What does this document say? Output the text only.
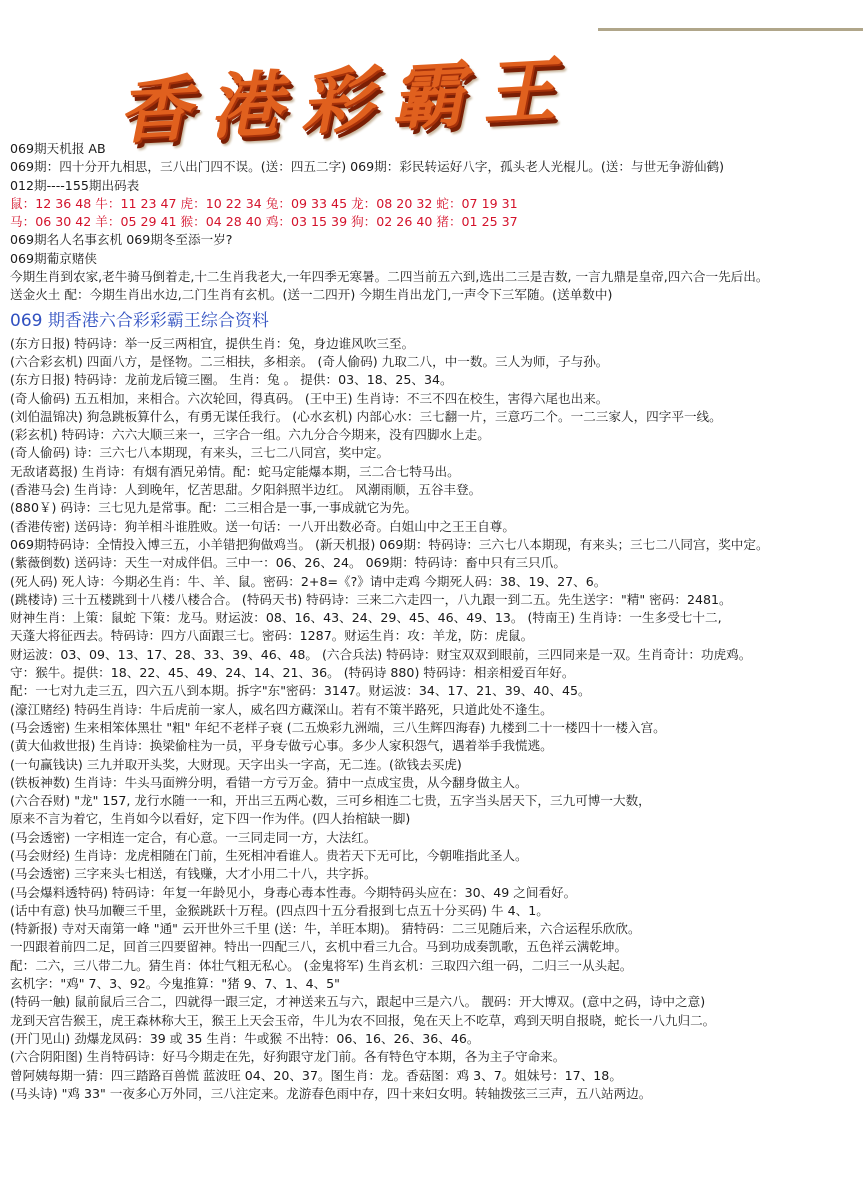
香港彩霸王
069期天机报 AB
069期：四十分开九相思，三八出门四不误。(送：四五二字) 069期：彩民转运好八字，孤头老人光棍儿。(送：与世无争游仙鹤)
012期----155期出码表
鼠：12 36 48 牛：11 23 47 虎：10 22 34 兔：09 33 45 龙：08 20 32 蛇：07 19 31
马：06 30 42 羊：05 29 41 猴：04 28 40 鸡：03 15 39 狗：02 26 40 猪：01 25 37
069期名人名事玄机 069期冬至添一岁?
069期葡京赌侠
今期生肖到农家,老牛骑马倒着走,十二生肖我老大,一年四季无寒暑。二四当前五六到,选出二三是吉数, 一言九鼎是皇帝,四六合一先后出。
送金火土 配：今期生肖出水边,二门生肖有玄机。(送一二四开) 今期生肖出龙门,一声令下三军随。(送单数中)
069 期香港六合彩彩霸王综合资料
(东方日报) 特码诗：举一反三两相宜，提供生肖：兔，身边谁风吹三至。
(六合彩玄机) 四面八方，是怪物。二三相扶，多相亲。 (奇人偷码) 九取二八，中一数。三人为师，子与孙。
(东方日报) 特码诗：龙前龙后镜三圈。 生肖：兔 。 提供：03、18、25、34。
(奇人偷码) 五五相加，来相合。六次轮回，得真码。 (王中王) 生肖诗：不三不四在校生，害得六尾也出来。
(刘伯温锦决) 狗急跳板算什么，有勇无谋任我行。 (心水玄机) 内部心水：三七翻一片，三意巧二个。一二三家人，四字平一线。
(彩玄机) 特码诗：六六大顺三来一，三字合一组。六九分合今期来，没有四脚水上走。
(奇人偷码) 诗：三六七八本期现，有来头，三七二八同宫，奖中定。
无敌诸葛报) 生肖诗：有烟有酒兄弟情。配：蛇马定能爆本期，三二合七特马出。
(香港马会) 生肖诗：人到晚年，忆苦思甜。夕阳斜照半边红。 风潮雨顺，五谷丰登。
(880￥) 码诗：三七见九是常事。配：二三相合是一事,一事成就它为先。
(香港传密) 送码诗：狗羊相斗谁胜败。送一句话：一八开出数必奇。白姐山中之王王自尊。
069期特码诗：全情投入博三五，小羊错把狗做鸡当。 (新天机报) 069期：特码诗：三六七八本期现，有来头；三七二八同宫，奖中定。
(紫薇倒数) 送码诗：天生一对成伴侣。三中一：06、26、24。 069期：特码诗：畜中只有三只爪。
(死人码) 死人诗：今期必生肖：牛、羊、鼠。密码：2+8=《?》请中走鸡 今期死人码：38、19、27、6。
(跳楼诗) 三十五楼跳到十八楼八楼合合。 (特码天书) 特码诗：三来二六走四一，八九跟一到二五。先生送字："精" 密码：2481。
财神生肖：上策：鼠蛇 下策：龙马。财运波：08、16、43、24、29、45、46、49、13。 (特南王) 生肖诗：一生多受七十二,
天蓬大将征西去。特码诗：四方八面跟三七。密码：1287。财运生肖：攻：羊龙，防：虎鼠。
财运波：03、09、13、17、28、33、39、46、48。 (六合兵法) 特码诗：财宝双双到眼前，三四同来是一双。生肖奇计：功虎鸡。
守：猴牛。提供：18、22、45、49、24、14、21、36。 (特码诗 880) 特码诗：相亲相爱百年好。
配：一七对九走三五，四六五八到本期。拆字"东"密码：3147。财运波：34、17、21、39、40、45。
(濠江赌经) 特码生肖诗：牛后虎前一家人，威名四方藏深山。若有不策半路死，只道此处不逢生。
(马会透密) 生来相笨体黑壮 "粗" 年纪不老样子衰 (二五焕彩九洲端，三八生辉四海春) 九楼到二十一楼四十一楼入宫。
(黄大仙救世报) 生肖诗：换梁偷柱为一员，平身专做亏心事。多少人家积怨气，遇着举手我慌逃。
(一句赢钱诀) 三九并取开头奖，大财现。天字出头一字高，无二连。(欲钱去买虎)
(铁板神数) 生肖诗：牛头马面辨分明，看错一方亏万金。猜中一点成宝贵，从今翻身做主人。
(六合吞财) "龙" 157, 龙行水随一一和，开出三五两心数，三可乡相连二七贵，五字当头居天下，三九可博一大数，
原来不言为着它，生肖如今以看好，定下四一作为伴。(四人抬棺缺一脚)
(马会透密) 一字相连一定合，有心意。一三同走同一方，大法红。
(马会财经) 生肖诗：龙虎相随在门前，生死相冲看谁人。贵若天下无可比，今朝唯指此圣人。
(马会透密) 三字来头七相送，有钱赚，大才小用二十八，共字拆。
(马会爆料透特码) 特码诗：年复一年龄见小，身毒心毒本性毒。今期特码头应在：30、49 之间看好。
(话中有意) 快马加鞭三千里，金猴跳跃十万程。(四点四十五分看报到七点五十分买码) 牛 4、1。
(特新报) 寺对天南第一峰 "通" 云开世外三千里 (送：牛，羊旺本期)。 猜特码：二三见随后来，六合运程乐欣欣。
一四跟着前四二足，回首三四要留神。特出一四配三八，玄机中看三九合。马到功成奏凯歌，五色祥云满乾坤。
配：二六，三八带二九。猜生肖：体壮气粗无私心。 (金鬼将军) 生肖玄机：三取四六组一码，二归三一从头起。
玄机字："鸡" 7、3、92。今鬼推算："猪 9、7、1、4、5"
(特码一触) 鼠前鼠后三合二，四就得一跟三定，才神送来五与六，跟起中三是六八。 靓码：开大博双。(意中之码，诗中之意)
龙到天宫告猴王，虎王森林称大王，猴王上天会玉帝，牛儿为农不回报，兔在天上不吃草，鸡到天明自报晓，蛇长一八九归二。
(开门见山) 劲爆龙凤码：39 或 35 生肖：牛或猴 不出特：06、16、26、36、46。
(六合阴阳图) 生肖特码诗：好马今期走在先，好狗跟守龙门前。各有特色守本期，各为主子守命来。
曾阿姨每期一猜：四三踏路百兽慌 蓝波旺 04、20、37。图生肖：龙。香菇图：鸡 3、7。姐妹号：17、18。
(马头诗) "鸡 33" 一夜多心万外同，三八注定来。龙游春色雨中存，四十来妇女明。转轴拨弦三三声，五八站两边。
